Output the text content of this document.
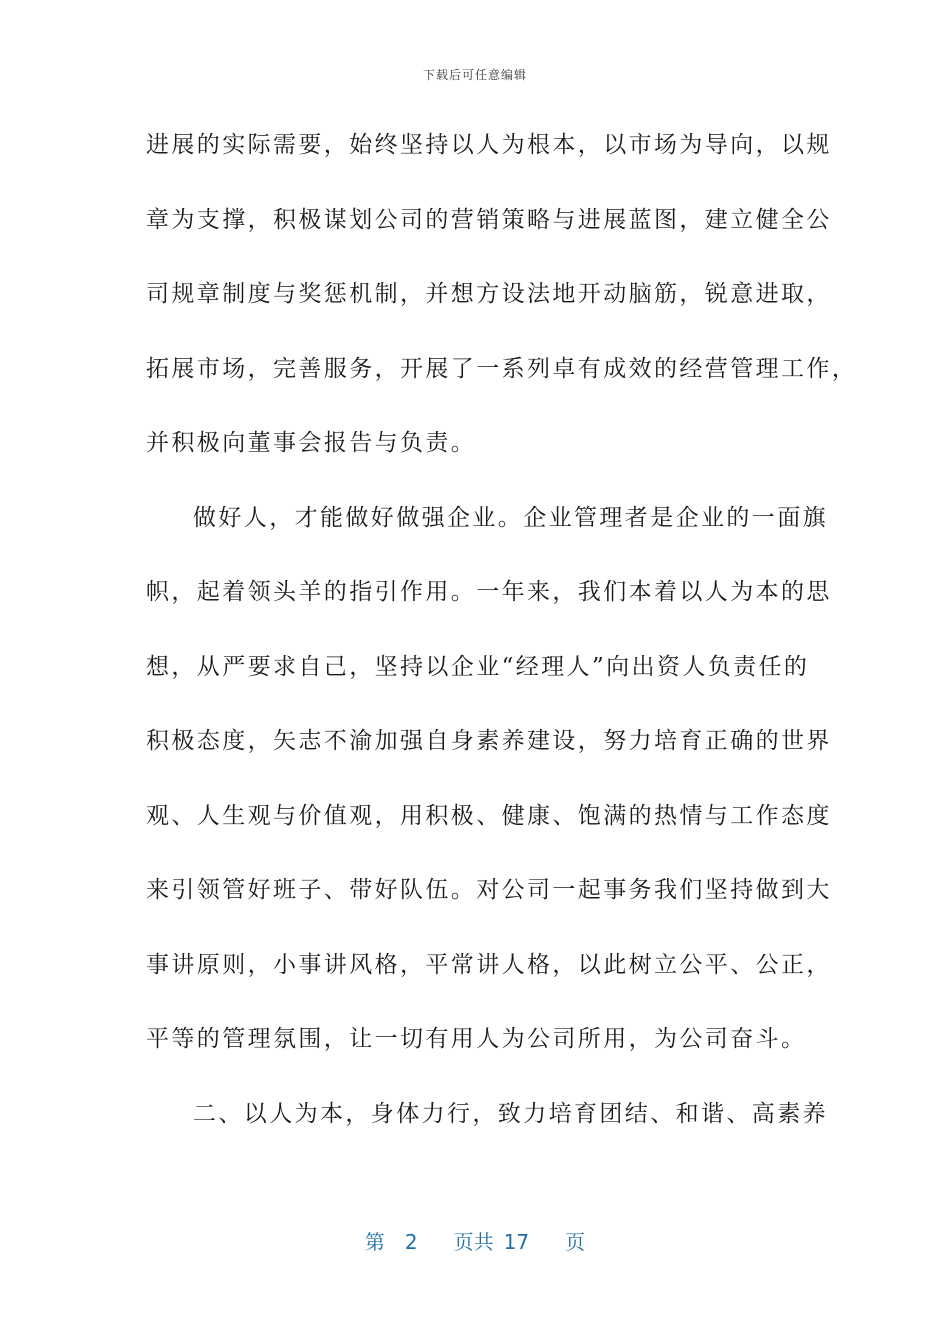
下载后可任意编辑
进展的实际需要，始终坚持以人为根本，以市场为导向，以规
章为支撑，积极谋划公司的营销策略与进展蓝图，建立健全公
司规章制度与奖惩机制，并想方设法地开动脑筋，锐意进取，
拓展市场，完善服务，开展了一系列卓有成效的经营管理工作，
并积极向董事会报告与负责。
做好人，才能做好做强企业。企业管理者是企业的一面旗
帜，起着领头羊的指引作用。一年来，我们本着以人为本的思
想，从严要求自己，坚持以企业“经理人”向出资人负责任的
积极态度，矢志不渝加强自身素养建设，努力培育正确的世界
观、人生观与价值观，用积极、健康、饱满的热情与工作态度
来引领管好班子、带好队伍。对公司一起事务我们坚持做到大
事讲原则，小事讲风格，平常讲人格，以此树立公平、公正，
平等的管理氛围，让一切有用人为公司所用，为公司奋斗。
二、以人为本，身体力行，致力培育团结、和谐、高素养
第 2 页共 17 页
